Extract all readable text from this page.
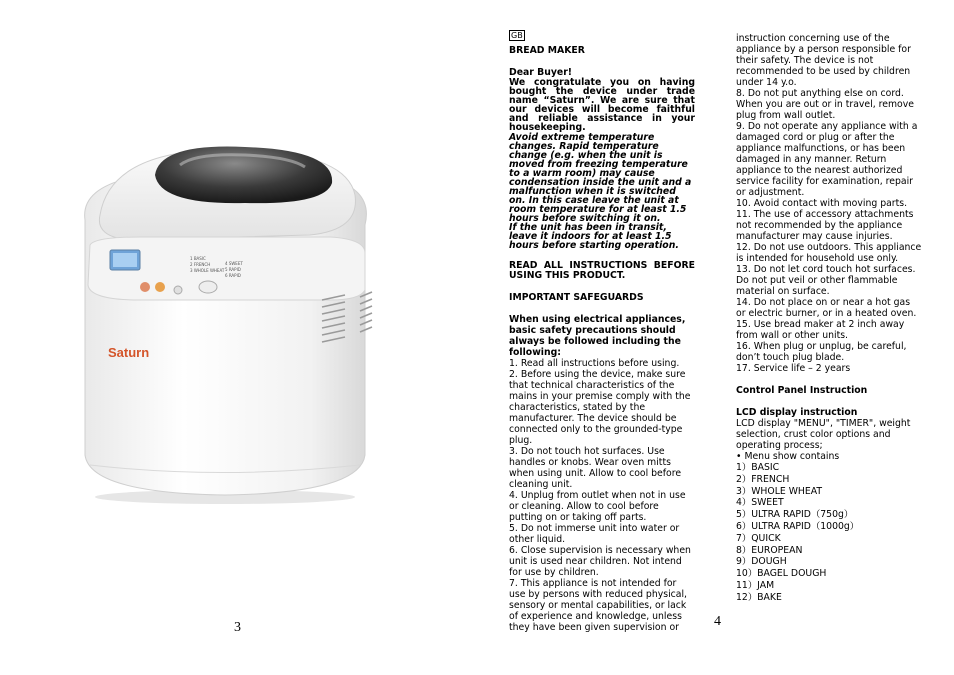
1 BASIC
2 FRENCH
3 WHOLE WHEAT
4 SWEET
5 RAPID
6 RAPID
Saturn
3

GB

BREAD MAKER

Dear Buyer!

We congratulate you on having bought the device under trade name “Saturn”. We are sure that our devices will become faithful and reliable assistance in your housekeeping.

Avoid extreme temperature
changes. Rapid temperature
change (e.g. when the unit is
moved from freezing temperature
to a warm room) may cause
condensation inside the unit and a
malfunction when it is switched
on. In this case leave the unit at
room temperature for at least 1.5
hours before switching it on.
If the unit has been in transit,
leave it indoors for at least 1.5
hours before starting operation.

READ ALL INSTRUCTIONS BEFORE USING THIS PRODUCT.

IMPORTANT SAFEGUARDS

When using electrical appliances, basic safety precautions should always be followed including the following:

1. Read all instructions before using.

2. Before using the device, make sure that technical characteristics of the mains in your premise comply with the characteristics, stated by the manufacturer. The device should be connected only to the grounded-type plug.

3. Do not touch hot surfaces. Use handles or knobs. Wear oven mitts when using unit. Allow to cool before cleaning unit.

4. Unplug from outlet when not in use or cleaning. Allow to cool before putting on or taking off parts.

5. Do not immerse unit into water or other liquid.

6. Close supervision is necessary when unit is used near children. Not intend for use by children.

7. This appliance is not intended for use by persons with reduced physical, sensory or mental capabilities, or lack of experience and knowledge, unless they have been given supervision or	4

instruction concerning use of the appliance by a person responsible for their safety. The device is not recommended to be used by children under 14 y.o.

8. Do not put anything else on cord. When you are out or in travel, remove plug from wall outlet.

9. Do not operate any appliance with a damaged cord or plug or after the appliance malfunctions, or has been damaged in any manner. Return appliance to the nearest authorized service facility for examination, repair or adjustment.

10. Avoid contact with moving parts.

11. The use of accessory attachments not recommended by the appliance manufacturer may cause injuries.

12. Do not use outdoors. This appliance is intended for household use only.

13. Do not let cord touch hot surfaces. Do not put veil or other flammable material on surface.

14. Do not place on or near a hot gas or electric burner, or in a heated oven.

15. Use bread maker at 2 inch away from wall or other units.

16. When plug or unplug, be careful, don’t touch plug blade.

17. Service life – 2 years

Control Panel Instruction

LCD display instruction

LCD display "MENU", "TIMER", weight selection, crust color options and operating process;

• Menu show contains

1）BASIC
2）FRENCH
3）WHOLE WHEAT
4）SWEET
5）ULTRA RAPID（750g）
6）ULTRA RAPID（1000g）
7）QUICK
8）EUROPEAN
9）DOUGH
10）BAGEL DOUGH
11）JAM
12）BAKE
